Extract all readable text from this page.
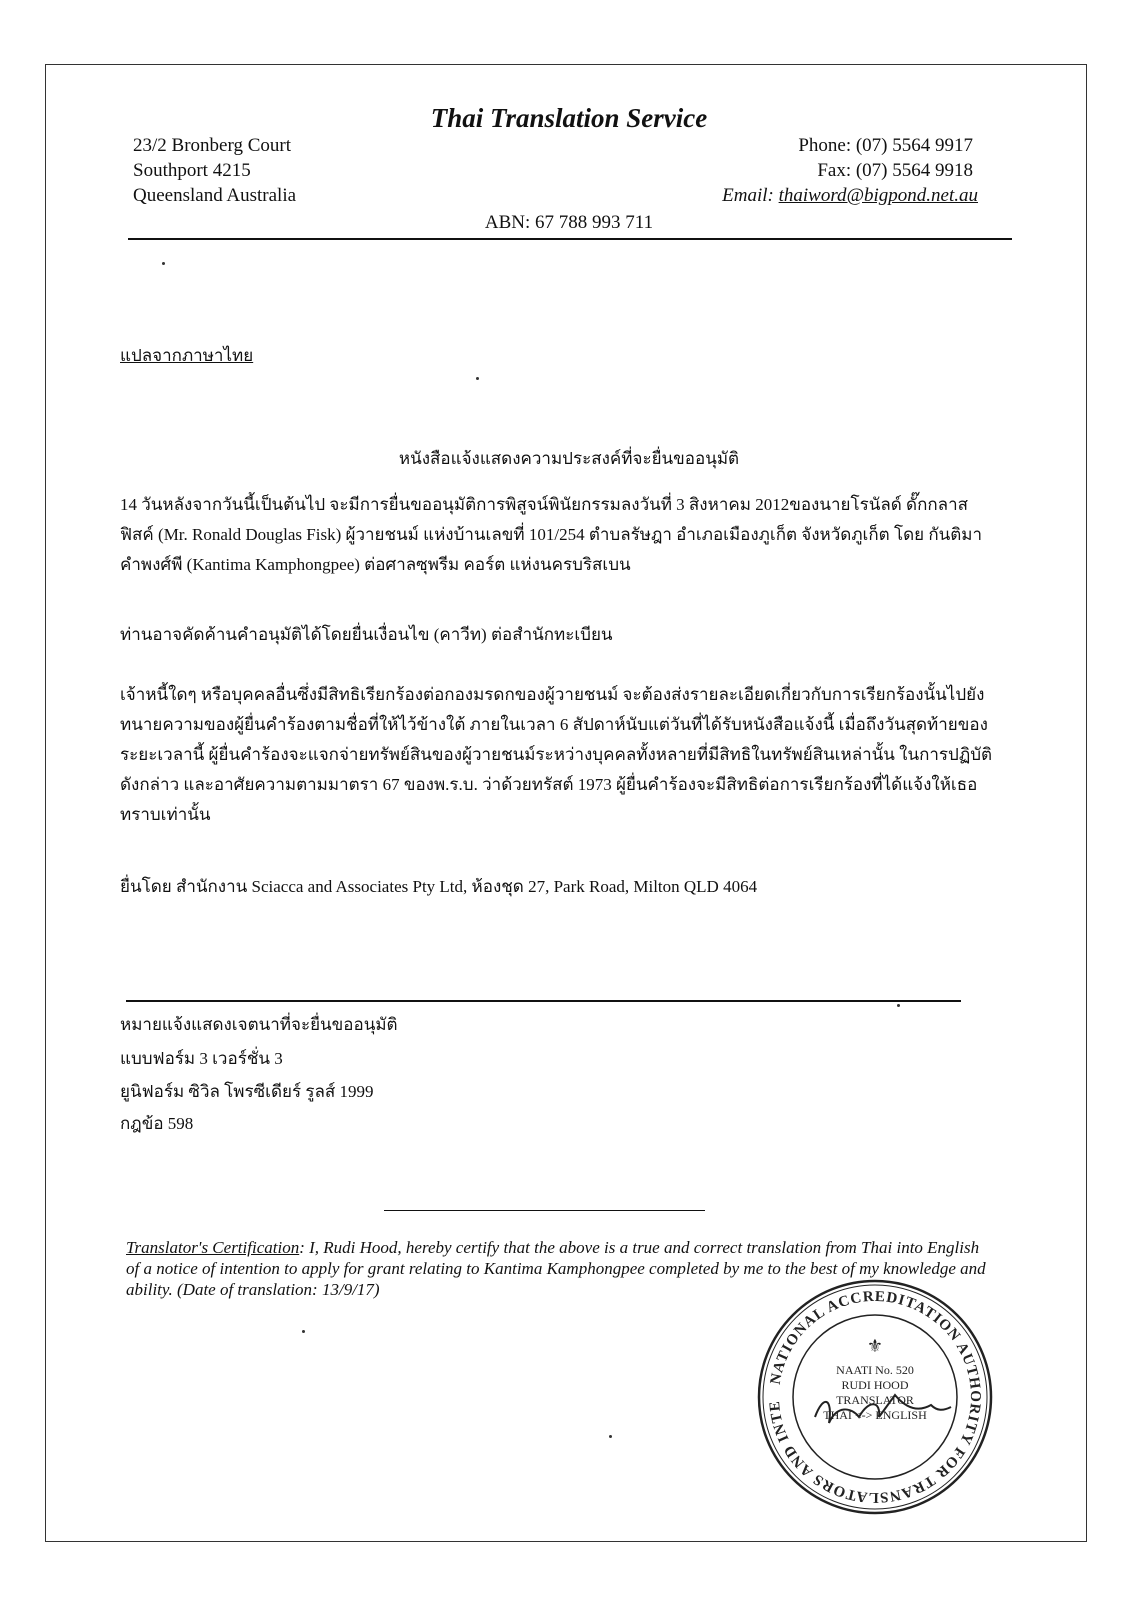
Thai Translation Service
23/2 Bronberg Court
Southport 4215
Queensland Australia
Phone: (07) 5564 9917
Fax: (07) 5564 9918
Email: thaiword@bigpond.net.au
ABN: 67 788 993 711
แปลจากภาษาไทย
หนังสือแจ้งแสดงความประสงค์ที่จะยื่นขออนุมัติ
14 วันหลังจากวันนี้เป็นต้นไป จะมีการยื่นขออนุมัติการพิสูจน์พินัยกรรมลงวันที่ 3 สิงหาคม 2012ของนายโรนัลด์ ดั๊กกลาส ฟิสค์ (Mr. Ronald Douglas Fisk) ผู้วายชนม์ แห่งบ้านเลขที่ 101/254 ตำบลรัษฎา อำเภอเมืองภูเก็ต จังหวัดภูเก็ต โดย กันติมา คำพงศ์พี (Kantima Kamphongpee) ต่อศาลซุพรีม คอร์ต แห่งนครบริสเบน
ท่านอาจคัดค้านคำอนุมัติได้โดยยื่นเงื่อนไข (คาวีท) ต่อสำนักทะเบียน
เจ้าหนี้ใดๆ หรือบุคคลอื่นซึ่งมีสิทธิเรียกร้องต่อกองมรดกของผู้วายชนม์ จะต้องส่งรายละเอียดเกี่ยวกับการเรียกร้องนั้นไปยัง ทนายความของผู้ยื่นคำร้องตามชื่อที่ให้ไว้ข้างใต้ ภายในเวลา 6 สัปดาห์นับแต่วันที่ได้รับหนังสือแจ้งนี้ เมื่อถึงวันสุดท้ายของ ระยะเวลานี้ ผู้ยื่นคำร้องจะแจกจ่ายทรัพย์สินของผู้วายชนม์ระหว่างบุคคลทั้งหลายที่มีสิทธิในทรัพย์สินเหล่านั้น ในการปฏิบัติ ดังกล่าว และอาศัยความตามมาตรา 67 ของพ.ร.บ. ว่าด้วยทรัสต์ 1973 ผู้ยื่นคำร้องจะมีสิทธิต่อการเรียกร้องที่ได้แจ้งให้เธอ ทราบเท่านั้น
ยื่นโดย สำนักงาน Sciacca and Associates Pty Ltd, ห้องชุด 27, Park Road, Milton QLD 4064
หมายแจ้งแสดงเจตนาที่จะยื่นขออนุมัติ
แบบฟอร์ม 3 เวอร์ชั่น 3
ยูนิฟอร์ม ซิวิล โพรซีเดียร์ รูลส์ 1999
กฎข้อ 598
Translator's Certification: I, Rudi Hood, hereby certify that the above is a true and correct translation from Thai into English of a notice of intention to apply for grant relating to Kantima Kamphongpee completed by me to the best of my knowledge and ability. (Date of translation: 13/9/17)
NATIONAL ACCREDITATION AUTHORITY FOR TRANSLATORS AND INTE
⚜
NAATI No. 520
RUDI HOOD
TRANSLATOR
THAI <-> ENGLISH
